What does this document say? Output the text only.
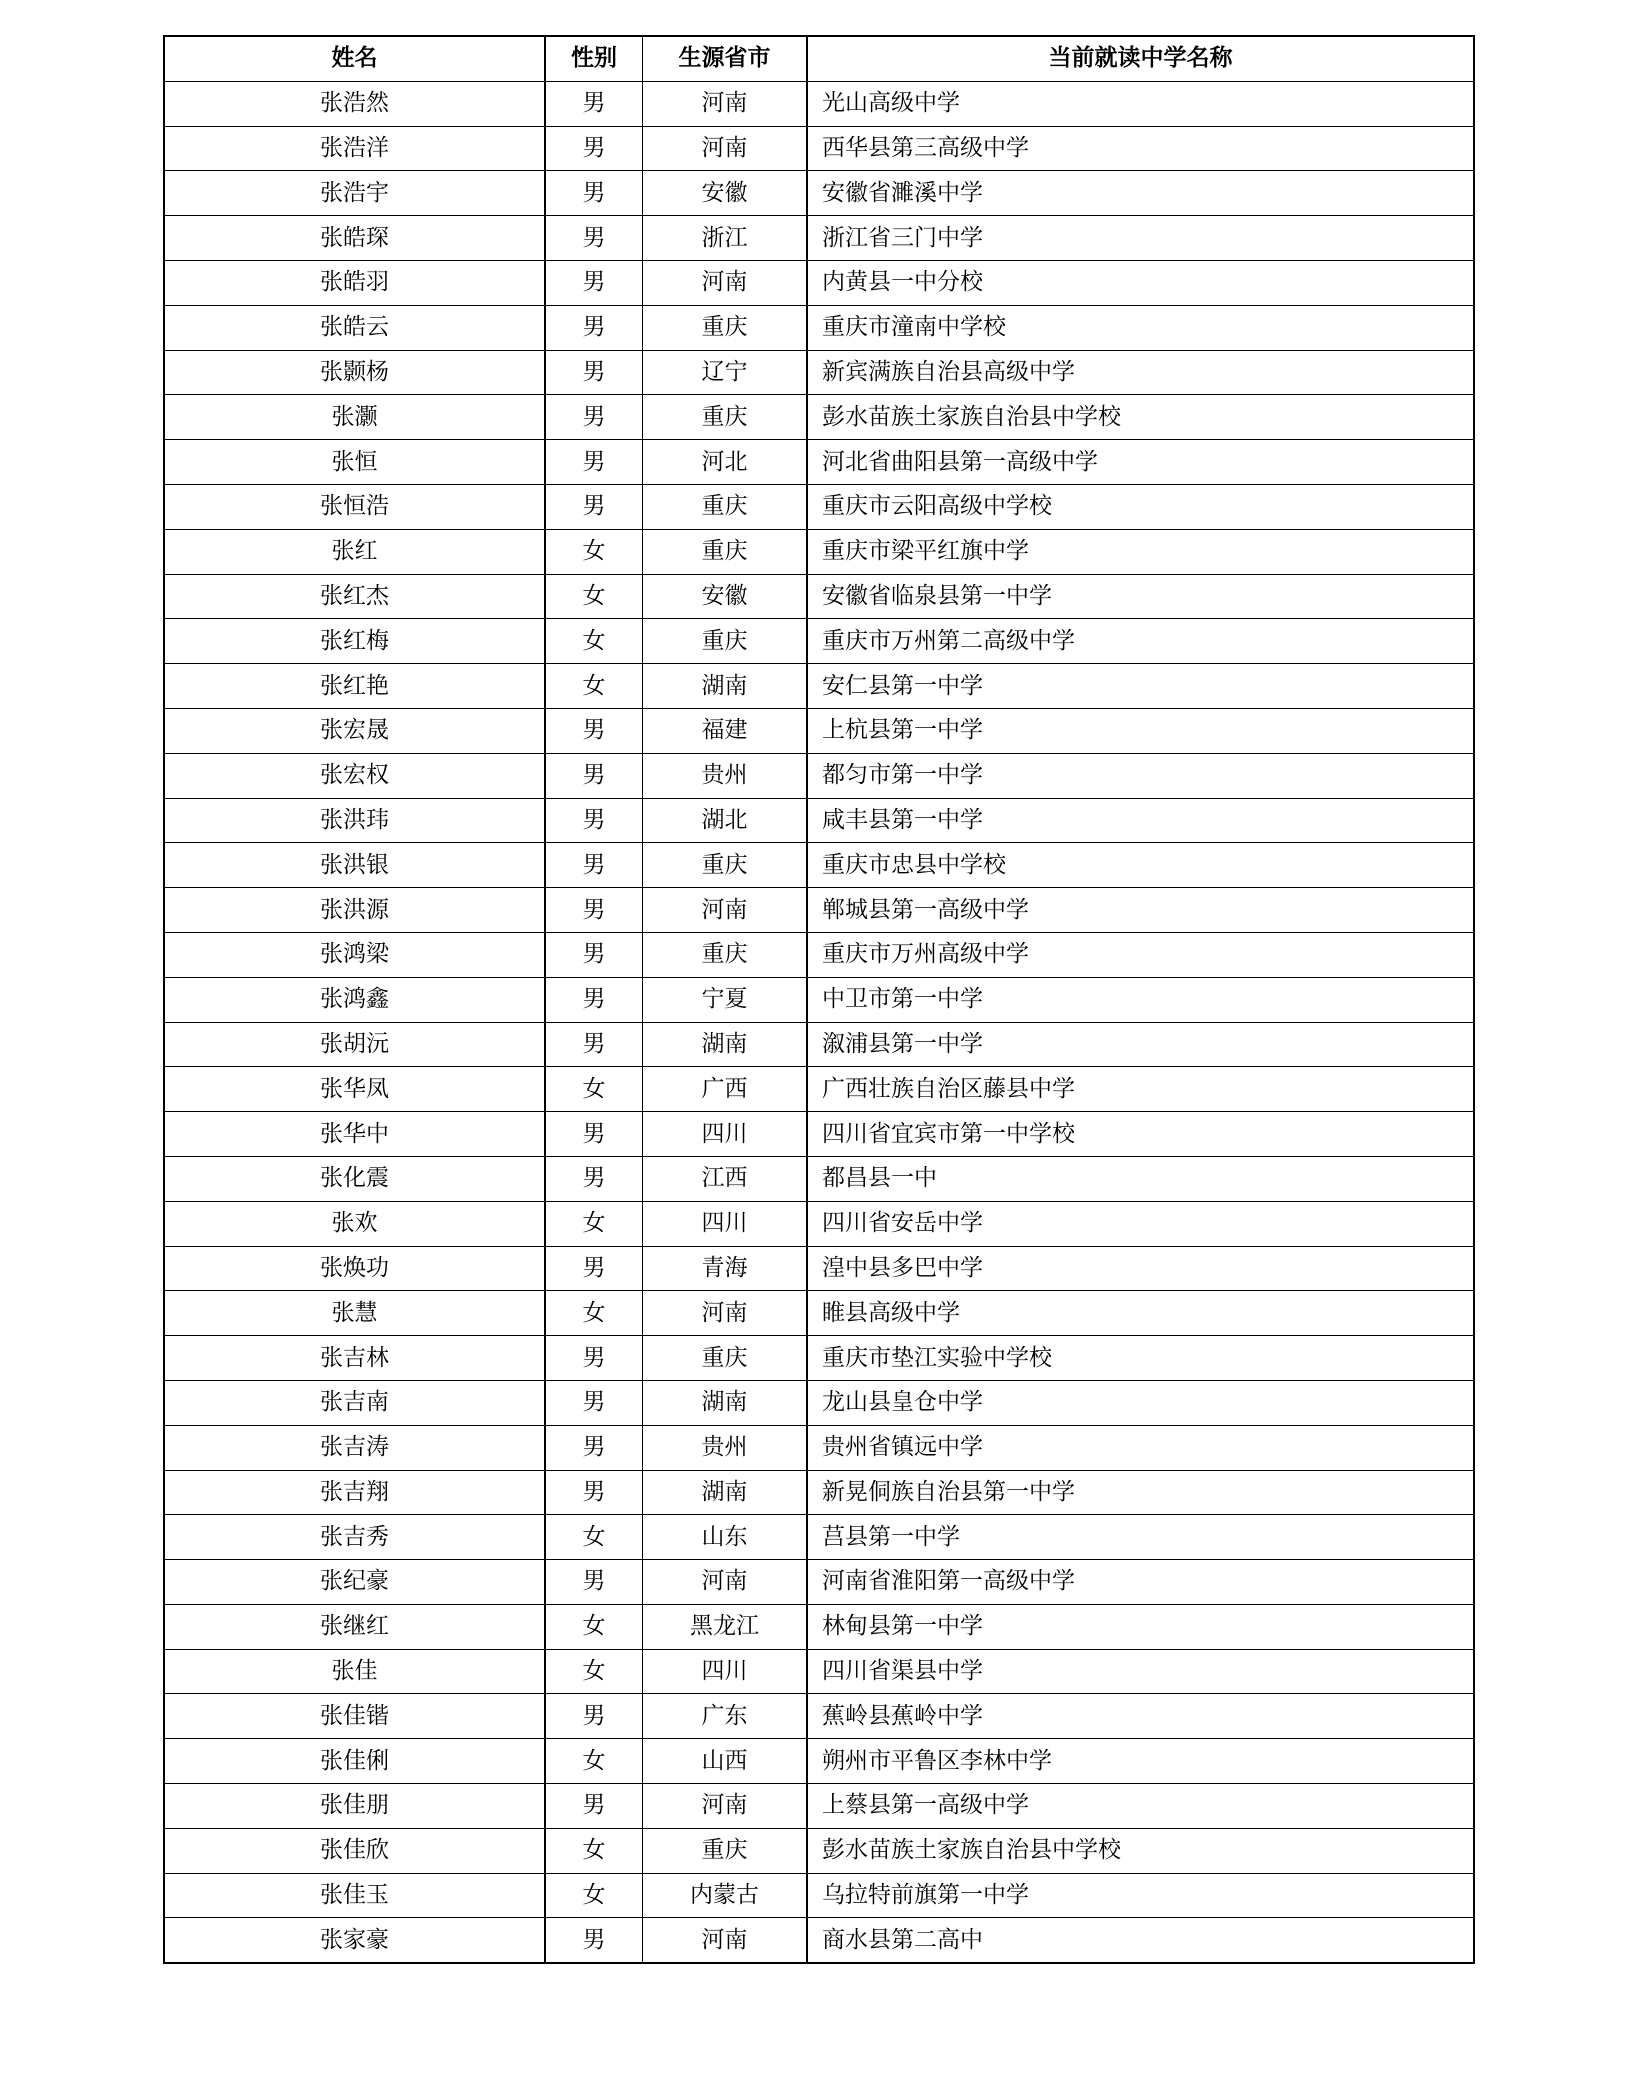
姓名	性别	生源省市	当前就读中学名称
张浩然	男	河南	光山高级中学
张浩洋	男	河南	西华县第三高级中学
张浩宇	男	安徽	安徽省濉溪中学
张皓琛	男	浙江	浙江省三门中学
张皓羽	男	河南	内黄县一中分校
张皓云	男	重庆	重庆市潼南中学校
张颢杨	男	辽宁	新宾满族自治县高级中学
张灏	男	重庆	彭水苗族土家族自治县中学校
张恒	男	河北	河北省曲阳县第一高级中学
张恒浩	男	重庆	重庆市云阳高级中学校
张红	女	重庆	重庆市梁平红旗中学
张红杰	女	安徽	安徽省临泉县第一中学
张红梅	女	重庆	重庆市万州第二高级中学
张红艳	女	湖南	安仁县第一中学
张宏晟	男	福建	上杭县第一中学
张宏权	男	贵州	都匀市第一中学
张洪玮	男	湖北	咸丰县第一中学
张洪银	男	重庆	重庆市忠县中学校
张洪源	男	河南	郸城县第一高级中学
张鸿梁	男	重庆	重庆市万州高级中学
张鸿鑫	男	宁夏	中卫市第一中学
张胡沅	男	湖南	溆浦县第一中学
张华凤	女	广西	广西壮族自治区藤县中学
张华中	男	四川	四川省宜宾市第一中学校
张化震	男	江西	都昌县一中
张欢	女	四川	四川省安岳中学
张焕功	男	青海	湟中县多巴中学
张慧	女	河南	睢县高级中学
张吉林	男	重庆	重庆市垫江实验中学校
张吉南	男	湖南	龙山县皇仓中学
张吉涛	男	贵州	贵州省镇远中学
张吉翔	男	湖南	新晃侗族自治县第一中学
张吉秀	女	山东	莒县第一中学
张纪豪	男	河南	河南省淮阳第一高级中学
张继红	女	黑龙江	林甸县第一中学
张佳	女	四川	四川省渠县中学
张佳锴	男	广东	蕉岭县蕉岭中学
张佳俐	女	山西	朔州市平鲁区李林中学
张佳朋	男	河南	上蔡县第一高级中学
张佳欣	女	重庆	彭水苗族土家族自治县中学校
张佳玉	女	内蒙古	乌拉特前旗第一中学
张家豪	男	河南	商水县第二高中
